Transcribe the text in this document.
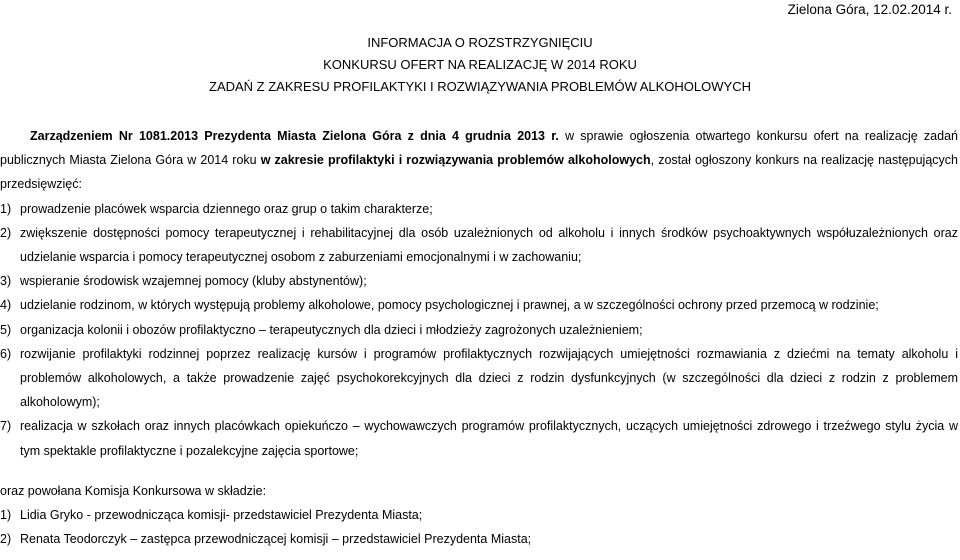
Zielona Góra, 12.02.2014 r.
INFORMACJA O ROZSTRZYGNIĘCIU
KONKURSU OFERT NA REALIZACJĘ W 2014 ROKU
ZADAŃ Z ZAKRESU PROFILAKTYKI I ROZWIĄZYWANIA PROBLEMÓW ALKOHOLOWYCH

Zarządzeniem Nr 1081.2013 Prezydenta Miasta Zielona Góra z dnia 4 grudnia 2013 r. w sprawie ogłoszenia otwartego konkursu ofert na realizację zadań publicznych Miasta Zielona Góra w 2014 roku w zakresie profilaktyki i rozwiązywania problemów alkoholowych, został ogłoszony konkurs na realizację następujących przedsięwzięć:

1) prowadzenie placówek wsparcia dziennego oraz grup o takim charakterze;
2) zwiększenie dostępności pomocy terapeutycznej i rehabilitacyjnej dla osób uzależnionych od alkoholu i innych środków psychoaktywnych współuzależnionych oraz udzielanie wsparcia i pomocy terapeutycznej osobom z zaburzeniami emocjonalnymi i w zachowaniu;
3) wspieranie środowisk wzajemnej pomocy (kluby abstynentów);
4) udzielanie rodzinom, w których występują problemy alkoholowe, pomocy psychologicznej i prawnej, a w szczególności ochrony przed przemocą w rodzinie;
5) organizacja kolonii i obozów profilaktyczno – terapeutycznych dla dzieci i młodzieży zagrożonych uzależnieniem;
6) rozwijanie profilaktyki rodzinnej poprzez realizację kursów i programów profilaktycznych rozwijających umiejętności rozmawiania z dziećmi na tematy alkoholu i problemów alkoholowych, a także prowadzenie zajęć psychokorekcyjnych dla dzieci z rodzin dysfunkcyjnych (w szczególności dla dzieci z rodzin z problemem alkoholowym);
7) realizacja w szkołach oraz innych placówkach opiekuńczo – wychowawczych programów profilaktycznych, uczących umiejętności zdrowego i trzeźwego stylu życia w tym spektakle profilaktyczne i pozalekcyjne zajęcia sportowe;

oraz powołana Komisja Konkursowa w składzie:

1) Lidia Gryko - przewodnicząca komisji- przedstawiciel Prezydenta Miasta;
2) Renata Teodorczyk – zastępca przewodniczącej komisji – przedstawiciel Prezydenta Miasta;
